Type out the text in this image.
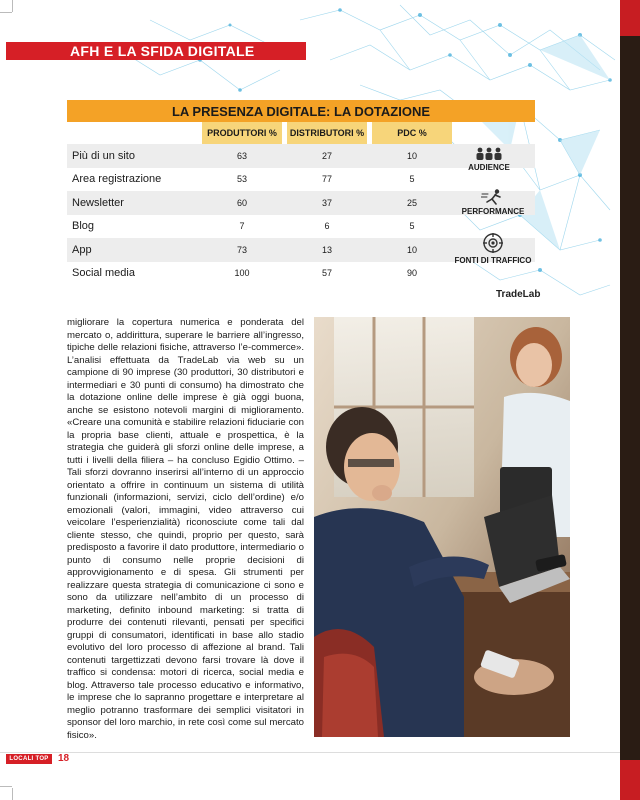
AFH E LA SFIDA DIGITALE
LA PRESENZA DIGITALE: LA DOTAZIONE
PRODUTTORI %	DISTRIBUTORI %	PDC %
Più di un sito	63	27	10
Area registrazione	53	77	5
Newsletter	60	37	25
Blog	7	6	5
App	73	13	10
Social media	100	57	90
AUDIENCE
PERFORMANCE
FONTI DI TRAFFICO
TradeLab

migliorare la copertura numerica e ponderata del mercato o, addirittura, superare le barriere all’ingresso, tipiche delle relazioni fisiche, attraverso l’e-commerce». L’analisi effettuata da TradeLab via web su un campione di 90 imprese (30 produttori, 30 distributori e intermediari e 30 punti di consumo) ha dimostrato che la dotazione online delle imprese è già oggi buona, anche se esistono notevoli margini di miglioramento. «Creare una comunità e stabilire relazioni fiduciarie con la propria base clienti, attuale e prospettica, è la strategia che guiderà gli sforzi online delle imprese, a tutti i livelli della filiera – ha concluso Egidio Ottimo. – Tali sforzi dovranno inserirsi all’interno di un approccio orientato a offrire in continuum un sistema di utilità funzionali (informazioni, servizi, ciclo dell’ordine) e/o emozionali (valori, immagini, video attraverso cui veicolare l’esperienzialità) riconosciute come tali dal cliente stesso, che quindi, proprio per questo, sarà predisposto a favorire il dato produttore, intermediario o punto di consumo nelle proprie decisioni di approvvigionamento e di spesa. Gli strumenti per realizzare questa strategia di comunicazione ci sono e sono da utilizzare nell’ambito di un processo di marketing, definito inbound marketing: si tratta di produrre dei contenuti rilevanti, pensati per specifici gruppi di consumatori, identificati in base allo stadio evolutivo del loro processo di affezione al brand. Tali contenuti targettizzati devono farsi trovare là dove il traffico si condensa: motori di ricerca, social media e blog. Attraverso tale processo educativo e informativo, le imprese che lo sapranno progettare e interpretare al meglio potranno trasformare dei semplici visitatori in sponsor del loro marchio, in rete così come sul mercato fisico».

LOCALI TOP 18
